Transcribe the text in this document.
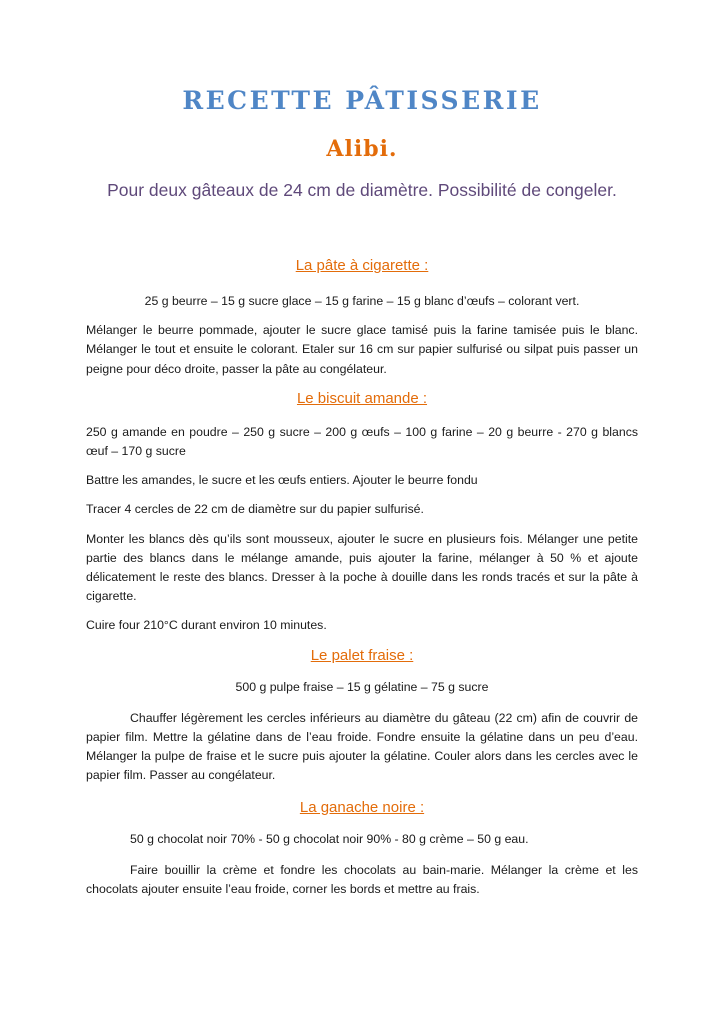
RECETTE PÂTISSERIE
Alibi.
Pour deux gâteaux de 24 cm de diamètre. Possibilité de congeler.

La pâte à cigarette :

25 g beurre – 15 g sucre glace – 15 g farine – 15 g blanc d’œufs – colorant vert.

Mélanger le beurre pommade, ajouter le sucre glace tamisé puis la farine tamisée puis le blanc. Mélanger le tout et ensuite le colorant. Etaler sur 16 cm sur papier sulfurisé ou silpat puis passer un peigne pour déco droite, passer la pâte au congélateur.

Le biscuit amande :

250 g amande en poudre – 250 g sucre – 200 g œufs – 100 g farine – 20 g beurre - 270 g blancs œuf – 170 g sucre

Battre les amandes, le sucre et les œufs entiers. Ajouter le beurre fondu

Tracer 4 cercles de 22 cm de diamètre sur du papier sulfurisé.

Monter les blancs dès qu’ils sont mousseux, ajouter le sucre en plusieurs fois. Mélanger une petite partie des blancs dans le mélange amande, puis ajouter la farine, mélanger à 50 % et ajoute délicatement le reste des blancs. Dresser à la poche à douille dans les ronds tracés et sur la pâte à cigarette.

Cuire four 210°C durant environ 10 minutes.

Le palet fraise :

500 g pulpe fraise – 15 g gélatine – 75 g sucre

Chauffer légèrement les cercles inférieurs au diamètre du gâteau (22 cm) afin de couvrir de papier film. Mettre la gélatine dans de l’eau froide. Fondre ensuite la gélatine dans un peu d’eau. Mélanger la pulpe de fraise et le sucre puis ajouter la gélatine. Couler alors dans les cercles avec le papier film. Passer au congélateur.

La ganache noire :

50 g chocolat noir 70% - 50 g chocolat noir 90% - 80 g crème – 50 g eau.

Faire bouillir la crème et fondre les chocolats au bain-marie. Mélanger la crème et les chocolats ajouter ensuite l’eau froide, corner les bords et mettre au frais.
